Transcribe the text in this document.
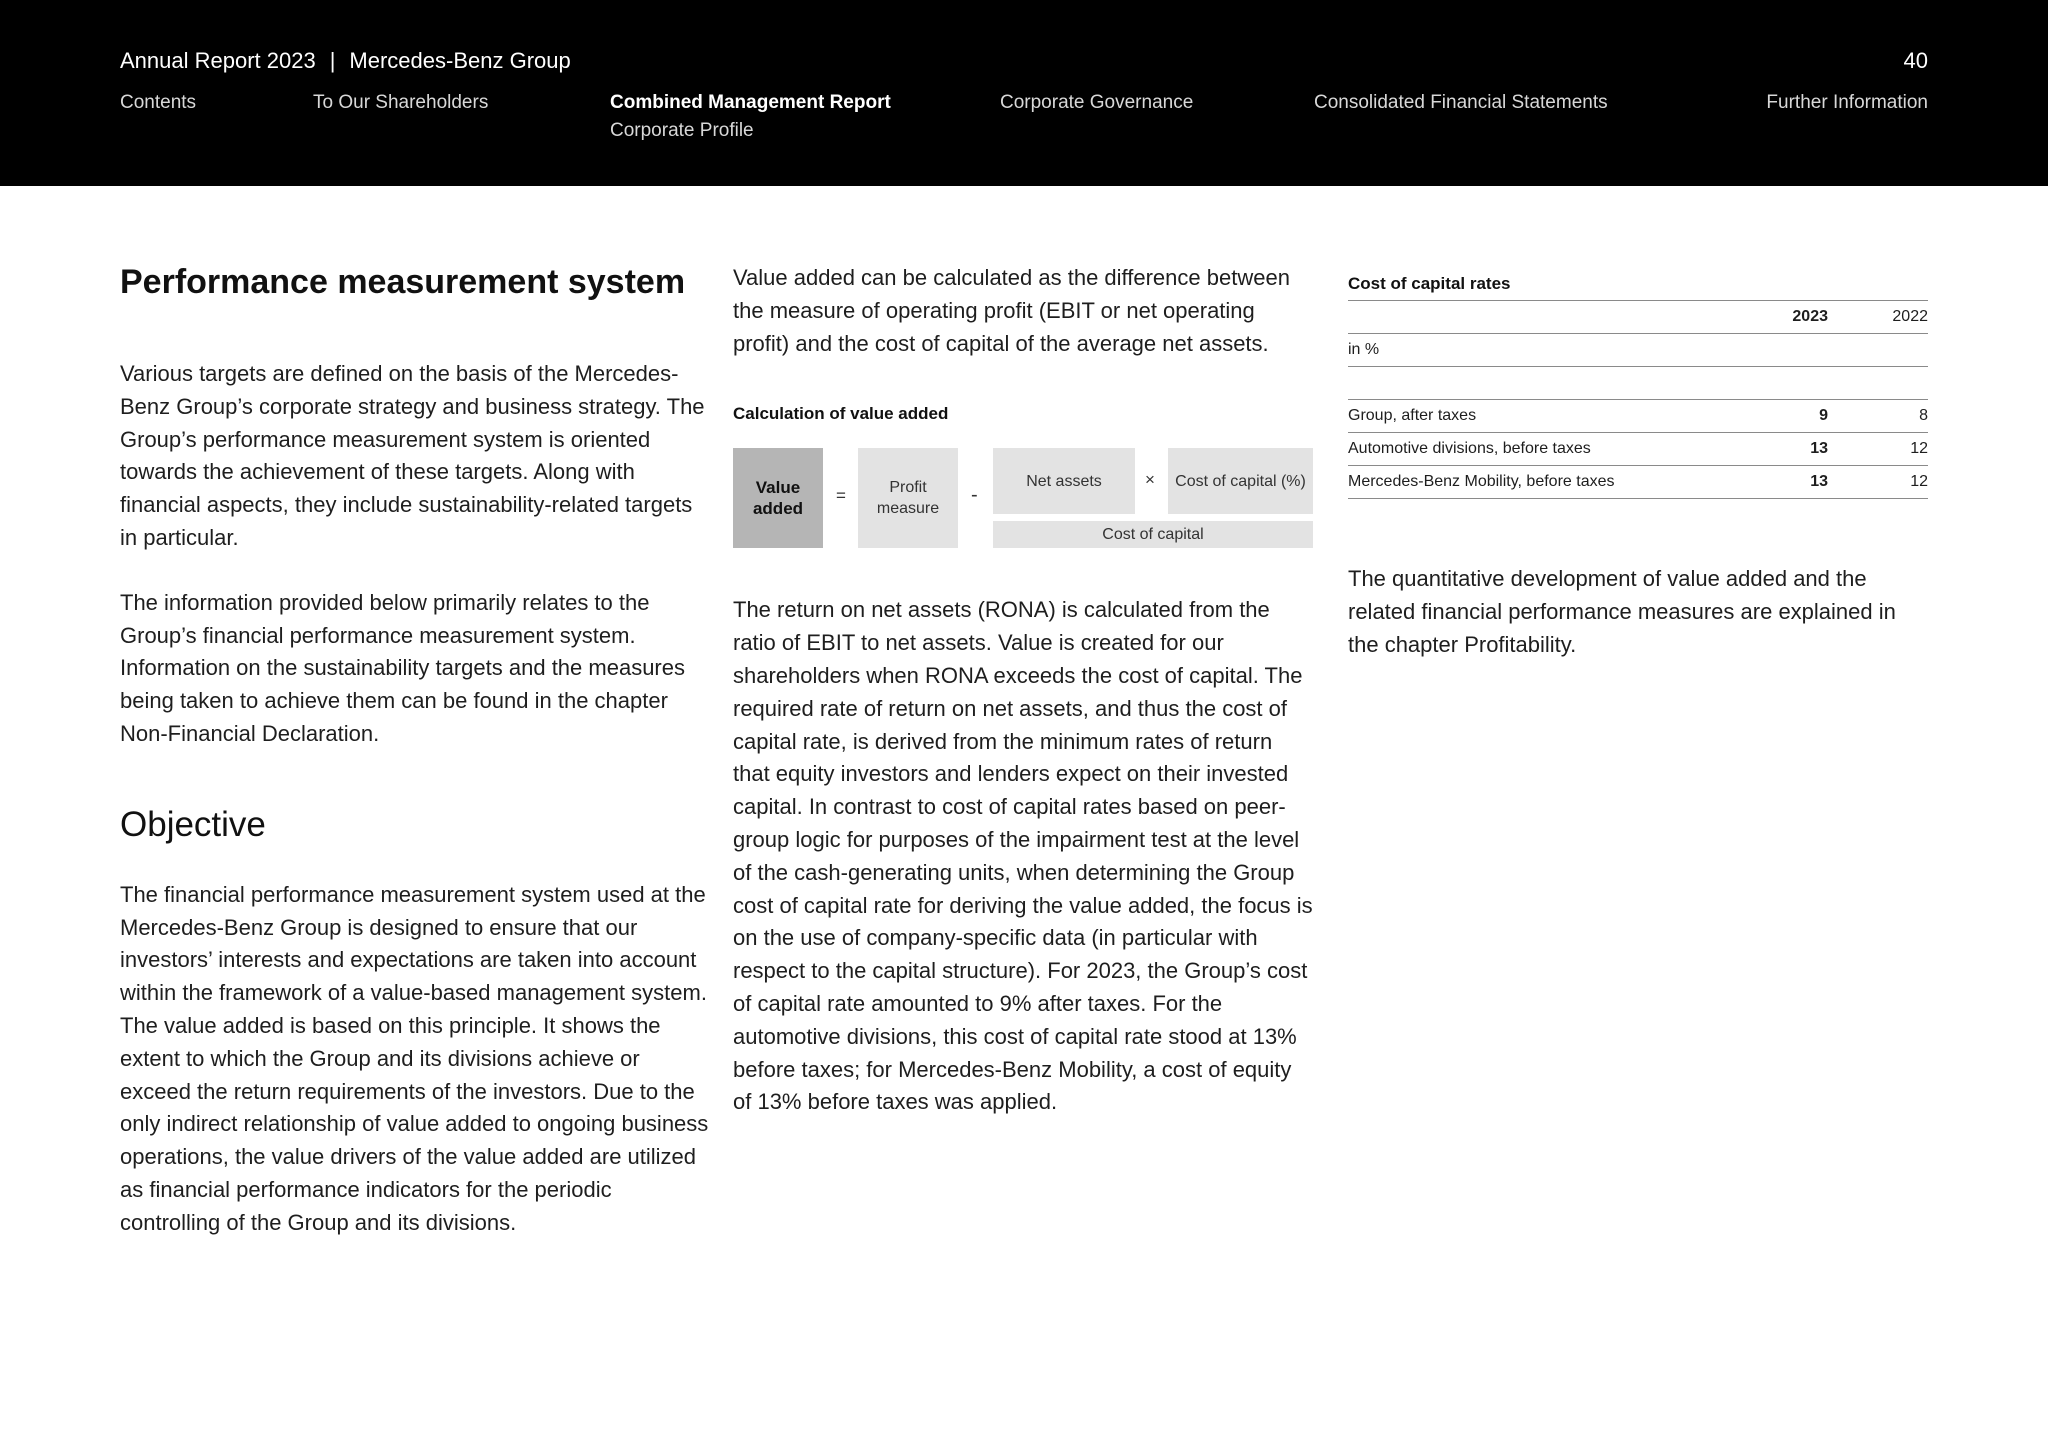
Annual Report 2023 | Mercedes-Benz Group	40
Contents	To Our Shareholders	Combined Management Report
Corporate Profile
Corporate Governance	Consolidated Financial Statements	Further Information
Performance measurement system

Various targets are defined on the basis of the Mercedes-Benz Group’s corporate strategy and business strategy. The Group’s performance measurement system is oriented towards the achievement of these targets. Along with financial aspects, they include sustainability-related targets in particular.

The information provided below primarily relates to the Group’s financial performance measurement system. Information on the sustainability targets and the measures being taken to achieve them can be found in the chapter Non-Financial Declaration.

Objective

The financial performance measurement system used at the Mercedes-Benz Group is designed to ensure that our investors’ interests and expectations are taken into account within the framework of a value-based management system. The value added is based on this principle. It shows the extent to which the Group and its divisions achieve or exceed the return requirements of the investors. Due to the only indirect relationship of value added to ongoing business operations, the value drivers of the value added are utilized as financial performance indicators for the periodic controlling of the Group and its divisions.

Value added can be calculated as the difference between the measure of operating profit (EBIT or net operating profit) and the cost of capital of the average net assets.

Calculation of value added
Value added
=	Profit measure
-
Net assets	×	Cost of capital (%)
Cost of capital

The return on net assets (RONA) is calculated from the ratio of EBIT to net assets. Value is created for our shareholders when RONA exceeds the cost of capital. The required rate of return on net assets, and thus the cost of capital rate, is derived from the minimum rates of return that equity investors and lenders expect on their invested capital. In contrast to cost of capital rates based on peer-group logic for purposes of the impairment test at the level of the cash-generating units, when determining the Group cost of capital rate for deriving the value added, the focus is on the use of company-specific data (in particular with respect to the capital structure). For 2023, the Group’s cost of capital rate amounted to 9% after taxes. For the automotive divisions, this cost of capital rate stood at 13% before taxes; for Mercedes-Benz Mobility, a cost of equity of 13% before taxes was applied.

Cost of capital rates
2023	2022
in %
Group, after taxes	9	8
Automotive divisions, before taxes	13	12
Mercedes-Benz Mobility, before taxes	13	12

The quantitative development of value added and the related financial performance measures are explained in the chapter Profitability.
